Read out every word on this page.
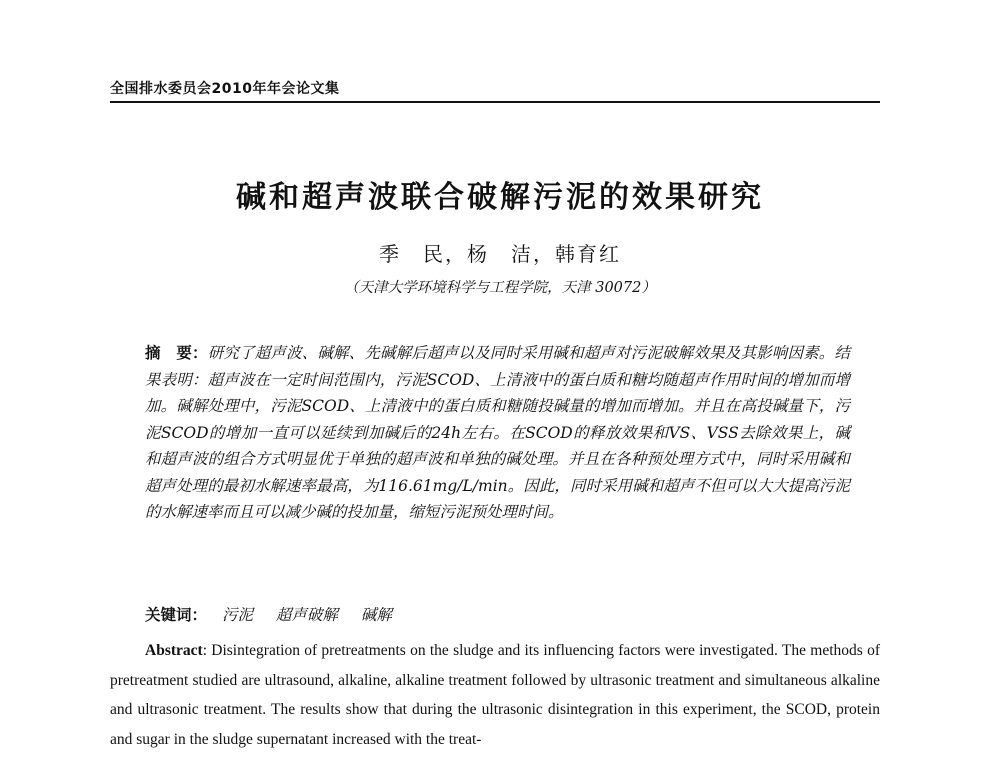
全国排水委员会2010年年会论文集
碱和超声波联合破解污泥的效果研究
季　民，杨　洁，韩育红
（天津大学环境科学与工程学院，天津 30072）
摘　要：研究了超声波、碱解、先碱解后超声以及同时采用碱和超声对污泥破解效果及其影响因素。结果表明：超声波在一定时间范围内，污泥SCOD、上清液中的蛋白质和糖均随超声作用时间的增加而增加。碱解处理中，污泥SCOD、上清液中的蛋白质和糖随投碱量的增加而增加。并且在高投碱量下，污泥SCOD的增加一直可以延续到加碱后的24h左右。在SCOD的释放效果和VS、VSS去除效果上，碱和超声波的组合方式明显优于单独的超声波和单独的碱处理。并且在各种预处理方式中，同时采用碱和超声处理的最初水解速率最高，为116.61mg/L/min。因此，同时采用碱和超声不但可以大大提高污泥的水解速率而且可以减少碱的投加量，缩短污泥预处理时间。
关键词： 污泥 超声破解 碱解
Abstract: Disintegration of pretreatments on the sludge and its influencing factors were investigated. The methods of pretreatment studied are ultrasound, alkaline, alkaline treatment followed by ultrasonic treatment and simultaneous alkaline and ultrasonic treatment. The results show that during the ultrasonic disintegration in this experiment, the SCOD, protein and sugar in the sludge supernatant increased with the treat-
